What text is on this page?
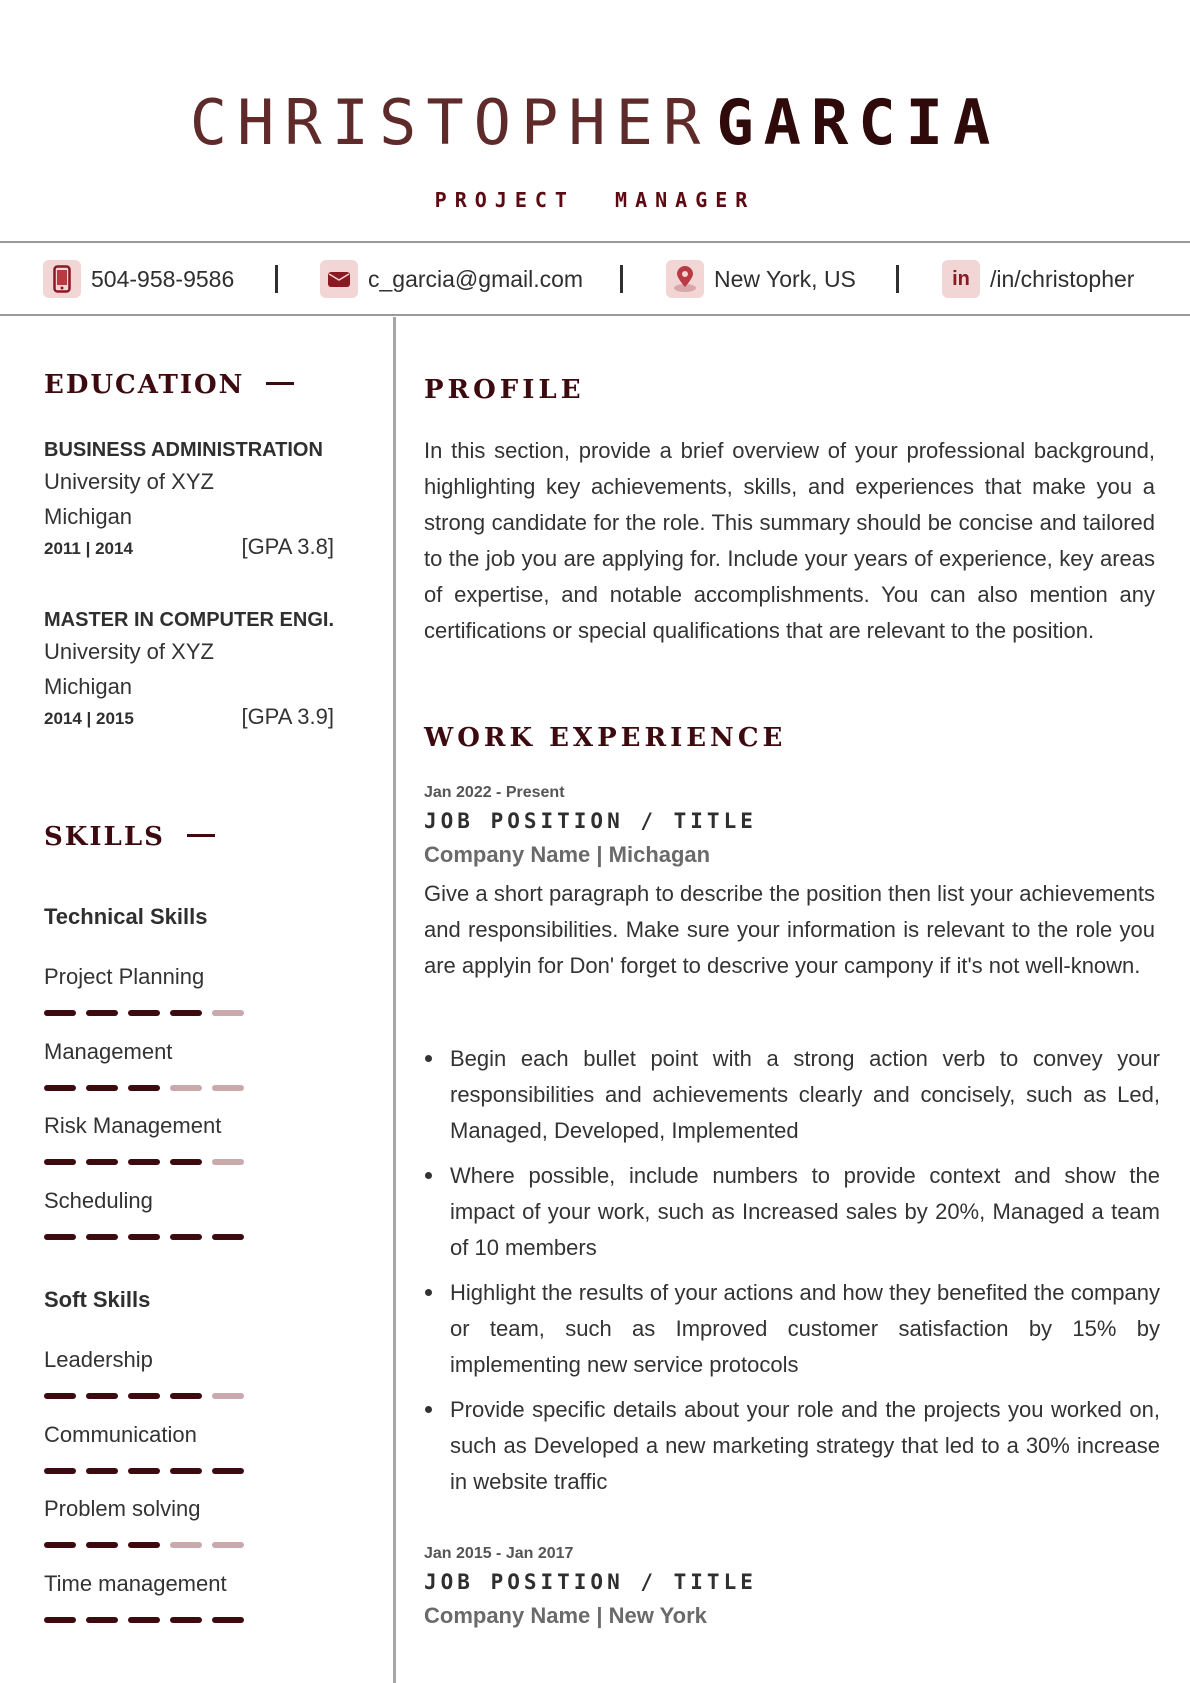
CHRISTOPHERGARCIA
PROJECT  MANAGER
504-958-9586	c_garcia@gmail.com	New York, US	in /in/christopher
EDUCATION
BUSINESS ADMINISTRATION
University of XYZ
Michigan
2011 | 2014	[GPA 3.8]
MASTER IN COMPUTER ENGI.
University of XYZ
Michigan
2014 | 2015	[GPA 3.9]
SKILLS
Technical Skills
Project Planning
Management
Risk Management
Scheduling
Soft Skills
Leadership
Communication
Problem solving
Time management
PROFILE

In this section, provide a brief overview of your professional background, highlighting key achievements, skills, and experiences that make you a strong candidate for the role. This summary should be concise and tailored to the job you are applying for. Include your years of experience, key areas of expertise, and notable accomplishments. You can also mention any certifications or special qualifications that are relevant to the position.

WORK EXPERIENCE
Jan 2022 - Present
JOB POSITION / TITLE
Company Name | Michagan

Give a short paragraph to describe the position then list your achievements and responsibilities. Make sure your information is relevant to the role you are applyin for Don' forget to descrive your campony if it's not well-known.

Begin each bullet point with a strong action verb to convey your responsibilities and achievements clearly and concisely, such as Led, Managed, Developed, Implemented
Where possible, include numbers to provide context and show the impact of your work, such as Increased sales by 20%, Managed a team of 10 members
Highlight the results of your actions and how they benefited the company or team, such as Improved customer satisfaction by 15% by implementing new service protocols
Provide specific details about your role and the projects you worked on, such as Developed a new marketing strategy that led to a 30% increase in website traffic
Jan 2015 - Jan 2017
JOB POSITION / TITLE
Company Name | New York
